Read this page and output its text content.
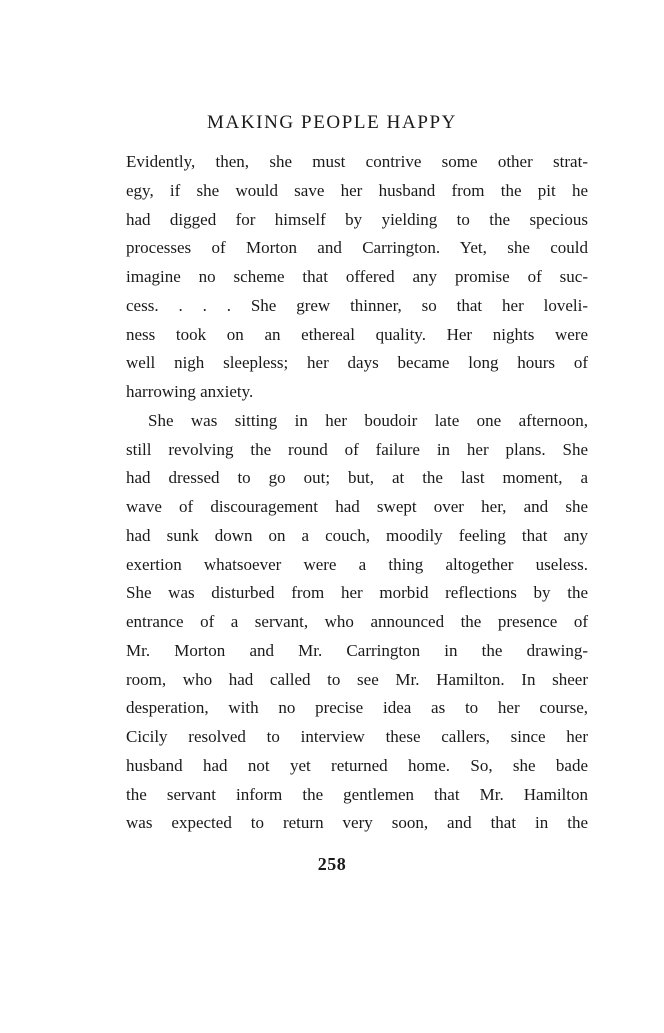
MAKING PEOPLE HAPPY
Evidently, then, she must contrive some other strat-
egy, if she would save her husband from the pit he
had digged for himself by yielding to the specious
processes of Morton and Carrington. Yet, she could
imagine no scheme that offered any promise of suc-
cess. . . . She grew thinner, so that her loveli-
ness took on an ethereal quality. Her nights were
well nigh sleepless; her days became long hours of
harrowing anxiety.
She was sitting in her boudoir late one afternoon,
still revolving the round of failure in her plans. She
had dressed to go out; but, at the last moment, a
wave of discouragement had swept over her, and she
had sunk down on a couch, moodily feeling that any
exertion whatsoever were a thing altogether useless.
She was disturbed from her morbid reflections by the
entrance of a servant, who announced the presence of
Mr. Morton and Mr. Carrington in the drawing-
room, who had called to see Mr. Hamilton. In sheer
desperation, with no precise idea as to her course,
Cicily resolved to interview these callers, since her
husband had not yet returned home. So, she bade
the servant inform the gentlemen that Mr. Hamilton
was expected to return very soon, and that in the
258
